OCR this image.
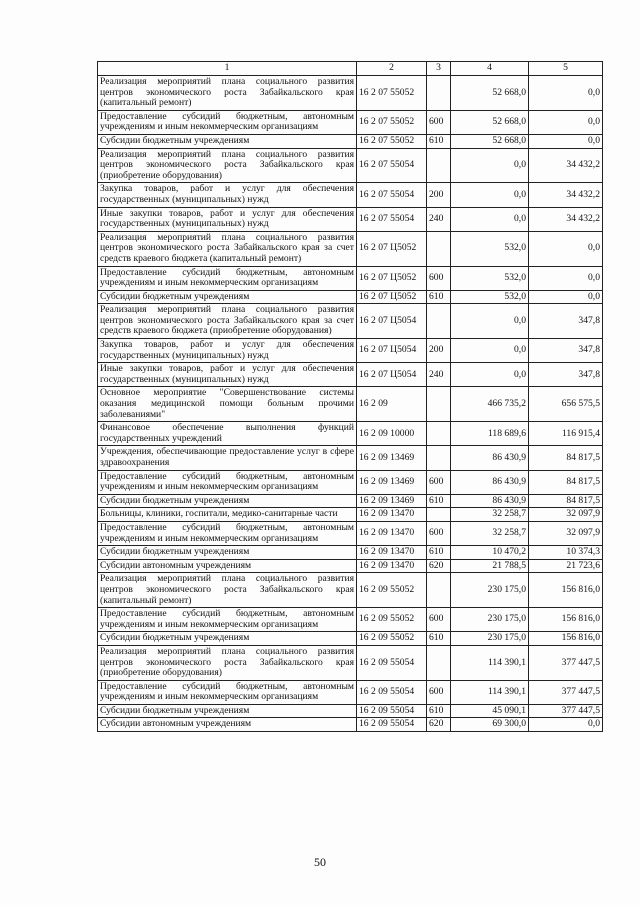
1	2	3	4	5
Реализация мероприятий плана социального развития центров экономического роста Забайкальского края (капитальный ремонт)	16 2 07 55052		52 668,0	0,0
Предоставление субсидий бюджетным, автономным учреждениям и иным некоммерческим организациям	16 2 07 55052	600	52 668,0	0,0
Субсидии бюджетным учреждениям	16 2 07 55052	610	52 668,0	0,0
Реализация мероприятий плана социального развития центров экономического роста Забайкальского края (приобретение оборудования)	16 2 07 55054		0,0	34 432,2
Закупка товаров, работ и услуг для обеспечения государственных (муниципальных) нужд	16 2 07 55054	200	0,0	34 432,2
Иные закупки товаров, работ и услуг для обеспечения государственных (муниципальных) нужд	16 2 07 55054	240	0,0	34 432,2
Реализация мероприятий плана социального развития центров экономического роста Забайкальского края за счет средств краевого бюджета (капитальный ремонт)	16 2 07 Ц5052		532,0	0,0
Предоставление субсидий бюджетным, автономным учреждениям и иным некоммерческим организациям	16 2 07 Ц5052	600	532,0	0,0
Субсидии бюджетным учреждениям	16 2 07 Ц5052	610	532,0	0,0
Реализация мероприятий плана социального развития центров экономического роста Забайкальского края за счет средств краевого бюджета (приобретение оборудования)	16 2 07 Ц5054		0,0	347,8
Закупка товаров, работ и услуг для обеспечения государственных (муниципальных) нужд	16 2 07 Ц5054	200	0,0	347,8
Иные закупки товаров, работ и услуг для обеспечения государственных (муниципальных) нужд	16 2 07 Ц5054	240	0,0	347,8
Основное мероприятие "Совершенствование системы оказания медицинской помощи больным прочими заболеваниями"	16 2 09		466 735,2	656 575,5
Финансовое обеспечение выполнения функций государственных учреждений	16 2 09 10000		118 689,6	116 915,4
Учреждения, обеспечивающие предоставление услуг в сфере здравоохранения	16 2 09 13469		86 430,9	84 817,5
Предоставление субсидий бюджетным, автономным учреждениям и иным некоммерческим организациям	16 2 09 13469	600	86 430,9	84 817,5
Субсидии бюджетным учреждениям	16 2 09 13469	610	86 430,9	84 817,5
Больницы, клиники, госпитали, медико-санитарные части	16 2 09 13470		32 258,7	32 097,9
Предоставление субсидий бюджетным, автономным учреждениям и иным некоммерческим организациям	16 2 09 13470	600	32 258,7	32 097,9
Субсидии бюджетным учреждениям	16 2 09 13470	610	10 470,2	10 374,3
Субсидии автономным учреждениям	16 2 09 13470	620	21 788,5	21 723,6
Реализация мероприятий плана социального развития центров экономического роста Забайкальского края (капитальный ремонт)	16 2 09 55052		230 175,0	156 816,0
Предоставление субсидий бюджетным, автономным учреждениям и иным некоммерческим организациям	16 2 09 55052	600	230 175,0	156 816,0
Субсидии бюджетным учреждениям	16 2 09 55052	610	230 175,0	156 816,0
Реализация мероприятий плана социального развития центров экономического роста Забайкальского края (приобретение оборудования)	16 2 09 55054		114 390,1	377 447,5
Предоставление субсидий бюджетным, автономным учреждениям и иным некоммерческим организациям	16 2 09 55054	600	114 390,1	377 447,5
Субсидии бюджетным учреждениям	16 2 09 55054	610	45 090,1	377 447,5
Субсидии автономным учреждениям	16 2 09 55054	620	69 300,0	0,0
50
